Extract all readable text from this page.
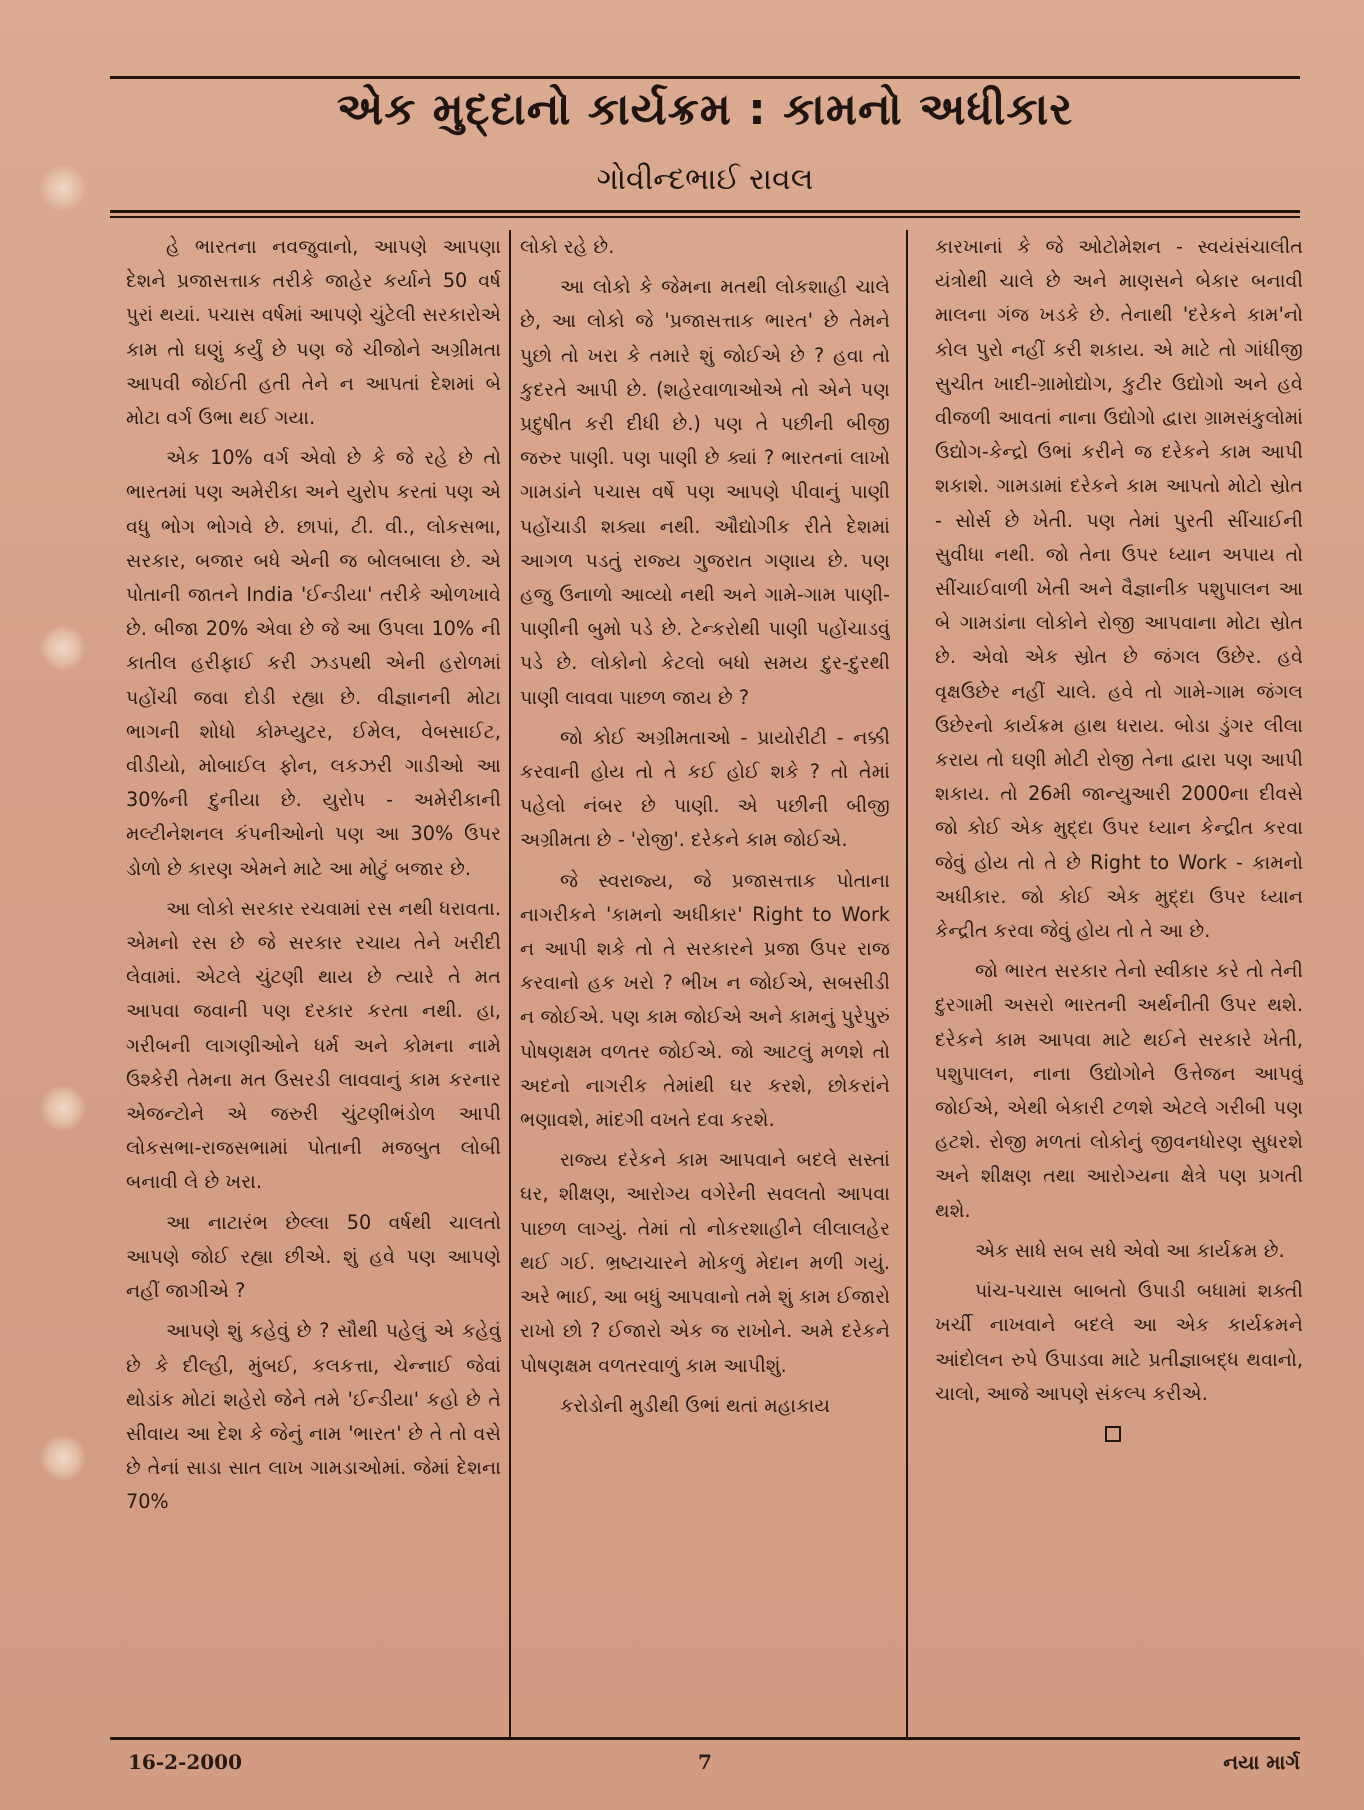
એક મુદ્દાનો કાર્યક્રમ : કામનો અધીકાર
ગોવીન્દભાઈ રાવલ

હે ભારતના નવજુવાનો, આપણે આપણા દેશને પ્રજાસત્તાક તરીકે જાહેર કર્યાને 50 વર્ષ પુરાં થયાં. પચાસ વર્ષમાં આપણે ચુંટેલી સરકારોએ કામ તો ઘણું કર્યું છે પણ જે ચીજોને અગ્રીમતા આપવી જોઈતી હતી તેને ન આપતાં દેશમાં બે મોટા વર્ગ ઉભા થઈ ગયા.

એક 10% વર્ગ એવો છે કે જે રહે છે તો ભારતમાં પણ અમેરીકા અને યુરોપ કરતાં પણ એ વધુ ભોગ ભોગવે છે. છાપાં, ટી. વી., લોકસભા, સરકાર, બજાર બધે એની જ બોલબાલા છે. એ પોતાની જાતને India 'ઈન્ડીયા' તરીકે ઓળખાવે છે. બીજા 20% એવા છે જે આ ઉપલા 10% ની કાતીલ હરીફાઈ કરી ઝડપથી એની હરોળમાં પહોંચી જવા દોડી રહ્યા છે. વીજ્ઞાનની મોટા ભાગની શોધો કોમ્પ્યુટર, ઈમેલ, વેબસાઈટ, વીડીયો, મોબાઈલ ફોન, લકઝરી ગાડીઓ આ 30%ની દુનીયા છે. યુરોપ - અમેરીકાની મલ્ટીનેશનલ કંપનીઓનો પણ આ 30% ઉપર ડોળો છે કારણ એમને માટે આ મોટું બજાર છે.

આ લોકો સરકાર રચવામાં રસ નથી ધરાવતા. એમનો રસ છે જે સરકાર રચાય તેને ખરીદી લેવામાં. એટલે ચુંટણી થાય છે ત્યારે તે મત આપવા જવાની પણ દરકાર કરતા નથી. હા, ગરીબની લાગણીઓને ધર્મ અને કોમના નામે ઉશ્કેરી તેમના મત ઉસરડી લાવવાનું કામ કરનાર એજન્ટોને એ જરુરી ચુંટણીભંડોળ આપી લોકસભા-રાજસભામાં પોતાની મજબુત લોબી બનાવી લે છે ખરા.

આ નાટારંભ છેલ્લા 50 વર્ષથી ચાલતો આપણે જોઈ રહ્યા છીએ. શું હવે પણ આપણે નહીં જાગીએ ?

આપણે શું કહેવું છે ? સૌથી પહેલું એ કહેવું છે કે દીલ્હી, મુંબઈ, કલકત્તા, ચેન્નાઈ જેવાં થોડાંક મોટાં શહેરો જેને તમે 'ઈન્ડીયા' કહો છે તે સીવાય આ દેશ કે જેનું નામ 'ભારત' છે તે તો વસે છે તેનાં સાડા સાત લાખ ગામડાઓમાં. જેમાં દેશના 70%

લોકો રહે છે.

આ લોકો કે જેમના મતથી લોકશાહી ચાલે છે, આ લોકો જે 'પ્રજાસત્તાક ભારત' છે તેમને પુછો તો ખરા કે તમારે શું જોઈએ છે ? હવા તો કુદરતે આપી છે. (શહેરવાળાઓએ તો એને પણ પ્રદુષીત કરી દીધી છે.) પણ તે પછીની બીજી જરુર પાણી. પણ પાણી છે ક્યાં ? ભારતનાં લાખો ગામડાંને પચાસ વર્ષે પણ આપણે પીવાનું પાણી પહોંચાડી શક્યા નથી. ઔદ્યોગીક રીતે દેશમાં આગળ પડતું રાજ્ય ગુજરાત ગણાય છે. પણ હજુ ઉનાળો આવ્યો નથી અને ગામે-ગામ પાણી-પાણીની બુમો પડે છે. ટેન્કરોથી પાણી પહોંચાડવું પડે છે. લોકોનો કેટલો બધો સમય દુર-દુરથી પાણી લાવવા પાછળ જાય છે ?

જો કોઈ અગ્રીમતાઓ - પ્રાયોરીટી - નક્કી કરવાની હોય તો તે કઈ હોઈ શકે ? તો તેમાં પહેલો નંબર છે પાણી. એ પછીની બીજી અગ્રીમતા છે - 'રોજી'. દરેકને કામ જોઈએ.

જે સ્વરાજ્ય, જે પ્રજાસત્તાક પોતાના નાગરીકને 'કામનો અધીકાર' Right to Work ન આપી શકે તો તે સરકારને પ્રજા ઉપર રાજ કરવાનો હક ખરો ? ભીખ ન જોઈએ, સબસીડી ન જોઈએ. પણ કામ જોઈએ અને કામનું પુરેપુરું પોષણક્ષમ વળતર જોઈએ. જો આટલું મળશે તો અદનો નાગરીક તેમાંથી ઘર કરશે, છોકરાંને ભણાવશે, માંદગી વખતે દવા કરશે.

રાજ્ય દરેકને કામ આપવાને બદલે સસ્તાં ઘર, શીક્ષણ, આરોગ્ય વગેરેની સવલતો આપવા પાછળ લાગ્યું. તેમાં તો નોકરશાહીને લીલાલહેર થઈ ગઈ. ભ્રષ્ટાચારને મોકળું મેદાન મળી ગયું. અરે ભાઈ, આ બધું આપવાનો તમે શું કામ ઈજારો રાખો છો ? ઈજારો એક જ રાખોને. અમે દરેકને પોષણક્ષમ વળતરવાળું કામ આપીશું.

કરોડોની મુડીથી ઉભાં થતાં મહાકાય

કારખાનાં કે જે ઓટોમેશન - સ્વયંસંચાલીત યંત્રોથી ચાલે છે અને માણસને બેકાર બનાવી માલના ગંજ ખડકે છે. તેનાથી 'દરેકને કામ'નો કોલ પુરો નહીં કરી શકાય. એ માટે તો ગાંધીજી સુચીત ખાદી-ગ્રામોદ્યોગ, કુટીર ઉદ્યોગો અને હવે વીજળી આવતાં નાના ઉદ્યોગો દ્વારા ગ્રામસંકુલોમાં ઉદ્યોગ-કેન્દ્રો ઉભાં કરીને જ દરેકને કામ આપી શકાશે. ગામડામાં દરેકને કામ આપતો મોટો સ્રોત - સોર્સ છે ખેતી. પણ તેમાં પુરતી સીંચાઈની સુવીધા નથી. જો તેના ઉપર ધ્યાન અપાય તો સીંચાઈવાળી ખેતી અને વૈજ્ઞાનીક પશુપાલન આ બે ગામડાંના લોકોને રોજી આપવાના મોટા સ્રોત છે. એવો એક સ્રોત છે જંગલ ઉછેર. હવે વૃક્ષઉછેર નહીં ચાલે. હવે તો ગામે-ગામ જંગલ ઉછેરનો કાર્યક્રમ હાથ ધરાય. બોડા ડુંગર લીલા કરાય તો ઘણી મોટી રોજી તેના દ્વારા પણ આપી શકાય. તો 26મી જાન્યુઆરી 2000ના દીવસે જો કોઈ એક મુદ્દા ઉપર ધ્યાન કેન્દ્રીત કરવા જેવું હોય તો તે છે Right to Work - કામનો અધીકાર. જો કોઈ એક મુદ્દા ઉપર ધ્યાન કેન્દ્રીત કરવા જેવું હોય તો તે આ છે.

જો ભારત સરકાર તેનો સ્વીકાર કરે તો તેની દુરગામી અસરો ભારતની અર્થનીતી ઉપર થશે. દરેકને કામ આપવા માટે થઈને સરકારે ખેતી, પશુપાલન, નાના ઉદ્યોગોને ઉત્તેજન આપવું જોઈએ, એથી બેકારી ટળશે એટલે ગરીબી પણ હટશે. રોજી મળતાં લોકોનું જીવનધોરણ સુધરશે અને શીક્ષણ તથા આરોગ્યના ક્ષેત્રે પણ પ્રગતી થશે.

એક સાધે સબ સધે એવો આ કાર્યક્રમ છે.

પાંચ-પચાસ બાબતો ઉપાડી બધામાં શક્તી ખર્ચી નાખવાને બદલે આ એક કાર્યક્રમને આંદોલન રુપે ઉપાડવા માટે પ્રતીજ્ઞાબદ્ધ થવાનો, ચાલો, આજે આપણે સંકલ્પ કરીએ.

16-2-2000	7	નયા માર્ગ
